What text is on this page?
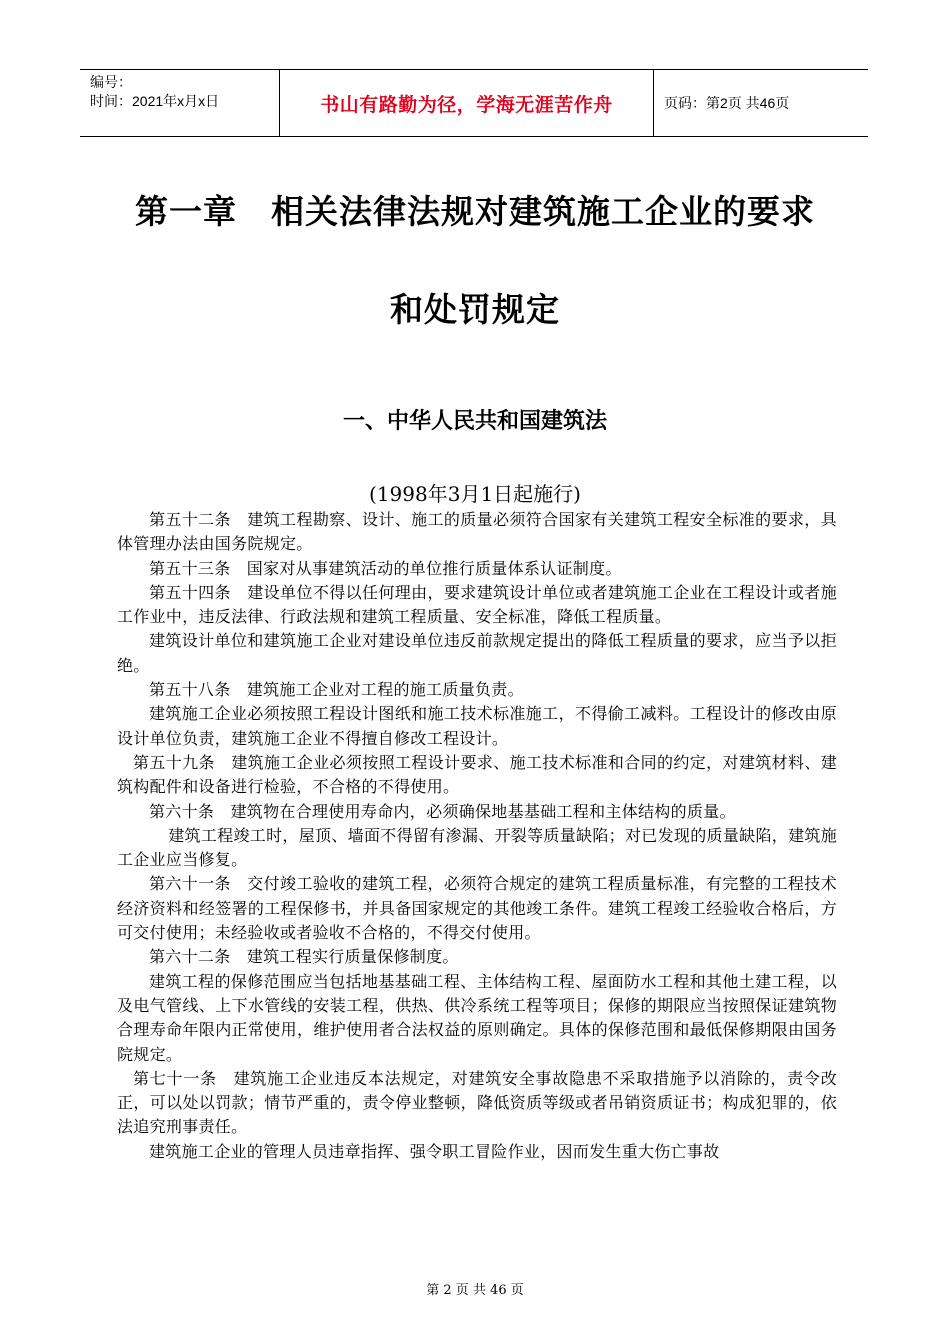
编号：
时间：2021年x月x日	书山有路勤为径，学海无涯苦作舟	页码：第2页 共46页
第一章　相关法律法规对建筑施工企业的要求
和处罚规定
一、中华人民共和国建筑法
(1998年3月1日起施行)

第五十二条　建筑工程勘察、设计、施工的质量必须符合国家有关建筑工程安全标准的要求，具体管理办法由国务院规定。

第五十三条　国家对从事建筑活动的单位推行质量体系认证制度。

第五十四条　建设单位不得以任何理由，要求建筑设计单位或者建筑施工企业在工程设计或者施工作业中，违反法律、行政法规和建筑工程质量、安全标准，降低工程质量。

建筑设计单位和建筑施工企业对建设单位违反前款规定提出的降低工程质量的要求，应当予以拒绝。

第五十八条　建筑施工企业对工程的施工质量负责。

建筑施工企业必须按照工程设计图纸和施工技术标准施工，不得偷工减料。工程设计的修改由原设计单位负责，建筑施工企业不得擅自修改工程设计。

第五十九条　建筑施工企业必须按照工程设计要求、施工技术标准和合同的约定，对建筑材料、建筑构配件和设备进行检验，不合格的不得使用。

第六十条　建筑物在合理使用寿命内，必须确保地基基础工程和主体结构的质量。

建筑工程竣工时，屋顶、墙面不得留有渗漏、开裂等质量缺陷；对已发现的质量缺陷，建筑施工企业应当修复。

第六十一条　交付竣工验收的建筑工程，必须符合规定的建筑工程质量标准，有完整的工程技术经济资料和经签署的工程保修书，并具备国家规定的其他竣工条件。建筑工程竣工经验收合格后，方可交付使用；未经验收或者验收不合格的，不得交付使用。

第六十二条　建筑工程实行质量保修制度。

建筑工程的保修范围应当包括地基基础工程、主体结构工程、屋面防水工程和其他土建工程，以及电气管线、上下水管线的安装工程，供热、供冷系统工程等项目；保修的期限应当按照保证建筑物合理寿命年限内正常使用，维护使用者合法权益的原则确定。具体的保修范围和最低保修期限由国务院规定。

第七十一条　建筑施工企业违反本法规定，对建筑安全事故隐患不采取措施予以消除的，责令改正，可以处以罚款；情节严重的，责令停业整顿，降低资质等级或者吊销资质证书；构成犯罪的，依法追究刑事责任。

建筑施工企业的管理人员违章指挥、强令职工冒险作业，因而发生重大伤亡事故

第 2 页 共 46 页
